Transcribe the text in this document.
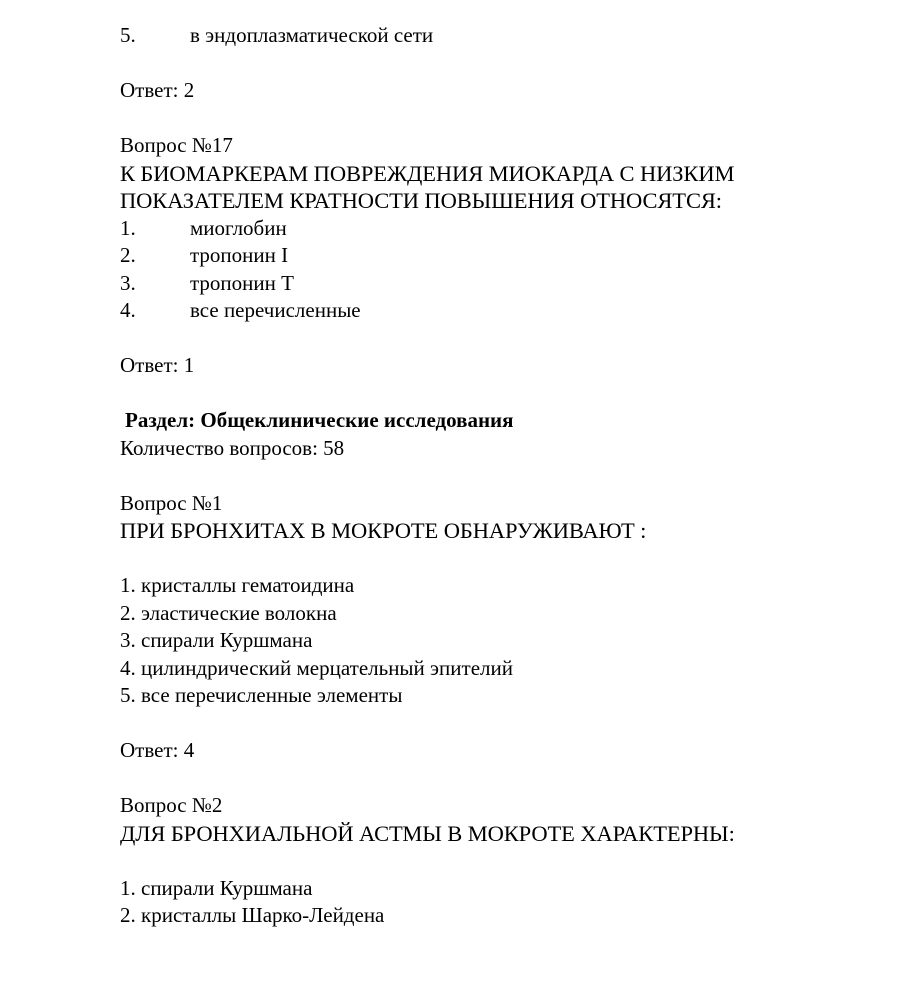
5.	в эндоплазматической сети
Ответ: 2
Вопрос №17
К БИОМАРКЕРАМ ПОВРЕЖДЕНИЯ МИОКАРДА С НИЗКИМ
ПОКАЗАТЕЛЕМ КРАТНОСТИ ПОВЫШЕНИЯ ОТНОСЯТСЯ:
1.	миоглобин
2.	тропонин I
3.	тропонин T
4.	все перечисленные
Ответ: 1
Раздел: Общеклинические исследования
Количество вопросов: 58
Вопрос №1
ПРИ БРОНХИТАХ В МОКРОТЕ ОБНАРУЖИВАЮТ :
1. кристаллы гематоидина
2. эластические волокна
3. спирали Куршмана
4. цилиндрический мерцательный эпителий
5. все перечисленные элементы
Ответ: 4
Вопрос №2
ДЛЯ БРОНХИАЛЬНОЙ АСТМЫ В МОКРОТЕ ХАРАКТЕРНЫ:
1. спирали Куршмана
2. кристаллы Шарко-Лейдена
